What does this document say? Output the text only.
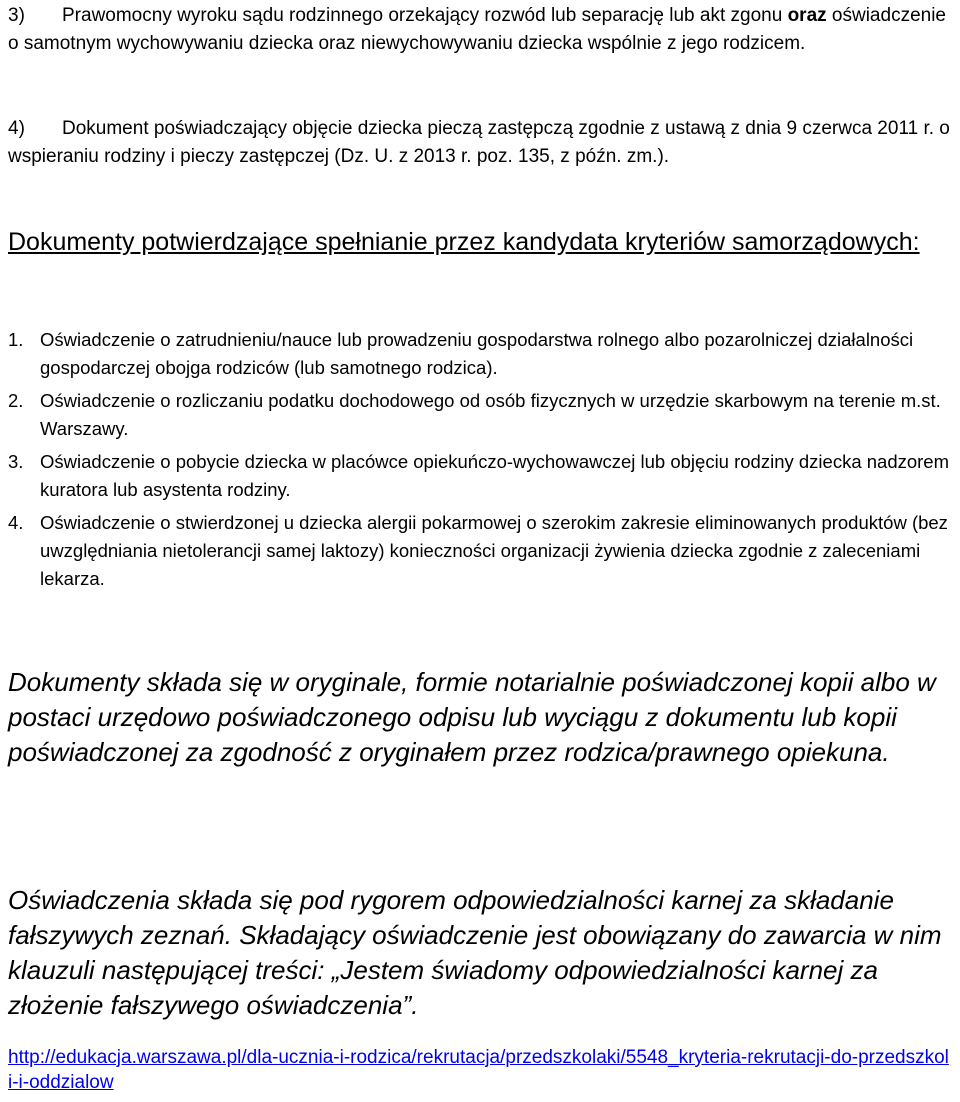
3) Prawomocny wyroku sądu rodzinnego orzekający rozwód lub separację lub akt zgonu oraz oświadczenie o samotnym wychowywaniu dziecka oraz niewychowywaniu dziecka wspólnie z jego rodzicem.

4) Dokument poświadczający objęcie dziecka pieczą zastępczą zgodnie z ustawą z dnia 9 czerwca 2011 r. o wspieraniu rodziny i pieczy zastępczej (Dz. U. z 2013 r. poz. 135, z późn. zm.).

Dokumenty potwierdzające spełnianie przez kandydata kryteriów samorządowych:
1. Oświadczenie o zatrudnieniu/nauce lub prowadzeniu gospodarstwa rolnego albo pozarolniczej działalności gospodarczej obojga rodziców (lub samotnego rodzica).
2. Oświadczenie o rozliczaniu podatku dochodowego od osób fizycznych w urzędzie skarbowym na terenie m.st. Warszawy.
3. Oświadczenie o pobycie dziecka w placówce opiekuńczo-wychowawczej lub objęciu rodziny dziecka nadzorem kuratora lub asystenta rodziny.
4. Oświadczenie o stwierdzonej u dziecka alergii pokarmowej o szerokim zakresie eliminowanych produktów (bez uwzględniania nietolerancji samej laktozy) konieczności organizacji żywienia dziecka zgodnie z zaleceniami lekarza.

Dokumenty składa się w oryginale, formie notarialnie poświadczonej kopii albo w postaci urzędowo poświadczonego odpisu lub wyciągu z dokumentu lub kopii poświadczonej za zgodność z oryginałem przez rodzica/prawnego opiekuna.

Oświadczenia składa się pod rygorem odpowiedzialności karnej za składanie fałszywych zeznań. Składający oświadczenie jest obowiązany do zawarcia w nim klauzuli następującej treści: „Jestem świadomy odpowiedzialności karnej za złożenie fałszywego oświadczenia”.

http://edukacja.warszawa.pl/dla-ucznia-i-rodzica/rekrutacja/przedszkolaki/5548_kryteria-rekrutacji-do-przedszkoli-i-oddzialow
